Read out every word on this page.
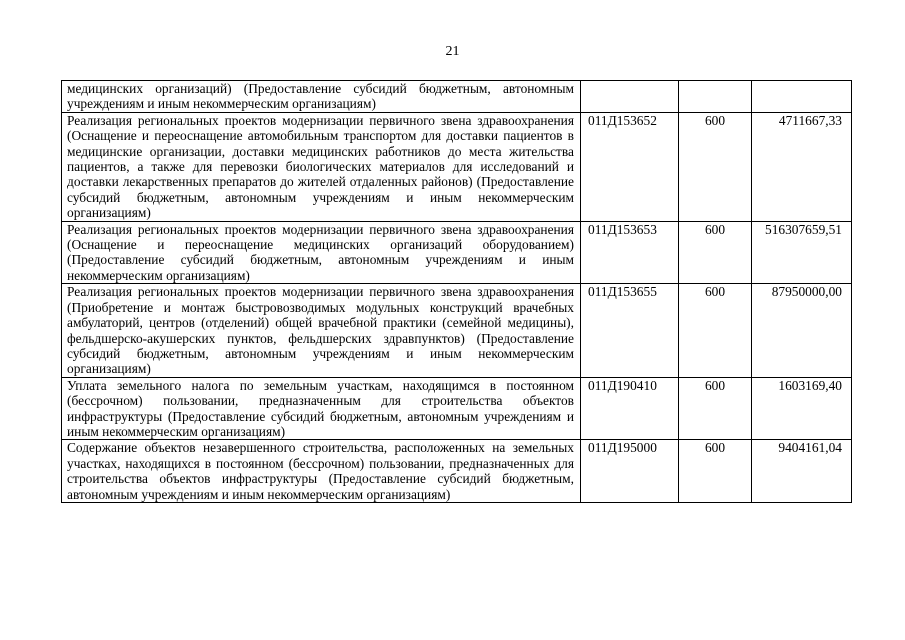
21
медицинских организаций) (Предоставление субсидий бюджетным, автономным учреждениям и иным некоммерческим организациям)			
Реализация региональных проектов модернизации первичного звена здравоохранения (Оснащение и переоснащение автомобильным транспортом для доставки пациентов в медицинские организации, доставки медицинских работников до места жительства пациентов, а также для перевозки биологических материалов для исследований и доставки лекарственных препаратов до жителей отдаленных районов) (Предоставление субсидий бюджетным, автономным учреждениям и иным некоммерческим организациям)	011Д153652	600	4711667,33
Реализация региональных проектов модернизации первичного звена здравоохранения (Оснащение и переоснащение медицинских организаций оборудованием) (Предоставление субсидий бюджетным, автономным учреждениям и иным некоммерческим организациям)	011Д153653	600	516307659,51
Реализация региональных проектов модернизации первичного звена здравоохранения (Приобретение и монтаж быстровозводимых модульных конструкций врачебных амбулаторий, центров (отделений) общей врачебной практики (семейной медицины), фельдшерско-акушерских пунктов, фельдшерских здравпунктов) (Предоставление субсидий бюджетным, автономным учреждениям и иным некоммерческим организациям)	011Д153655	600	87950000,00
Уплата земельного налога по земельным участкам, находящимся в постоянном (бессрочном) пользовании, предназначенным для строительства объектов инфраструктуры (Предоставление субсидий бюджетным, автономным учреждениям и иным некоммерческим организациям)	011Д190410	600	1603169,40
Содержание объектов незавершенного строительства, расположенных на земельных участках, находящихся в постоянном (бессрочном) пользовании, предназначенных для строительства объектов инфраструктуры (Предоставление субсидий бюджетным, автономным учреждениям и иным некоммерческим организациям)	011Д195000	600	9404161,04
